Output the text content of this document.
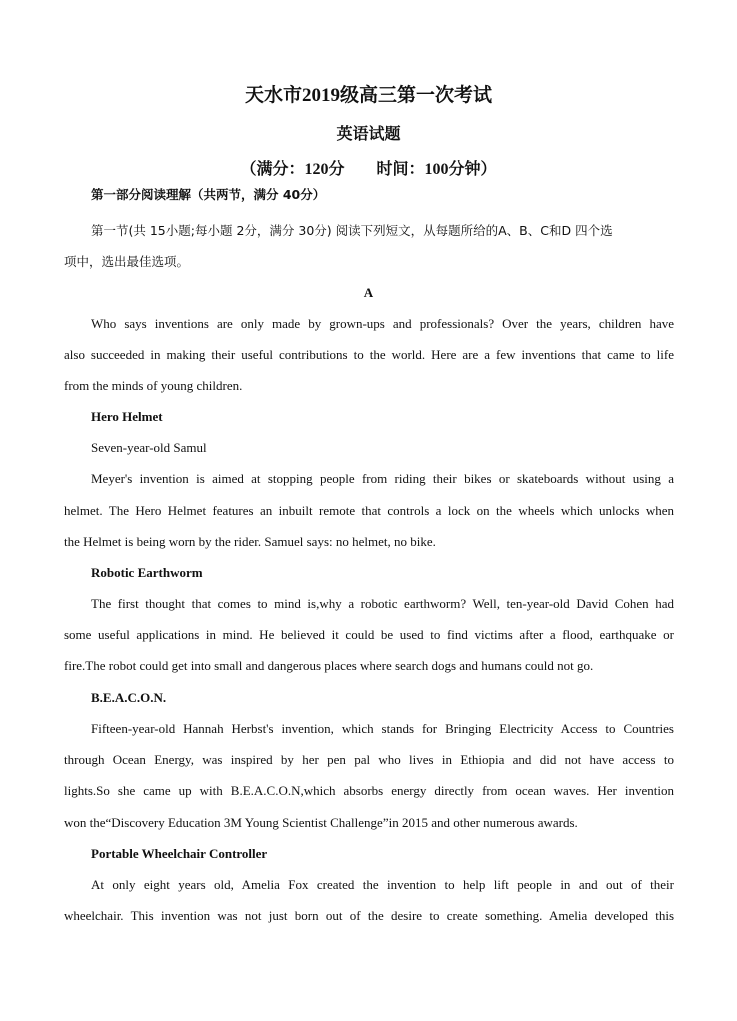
天水市2019级高三第一次考试
英语试题
（满分：120分　　时间：100分钟）
第一部分阅读理解（共两节，满分 40分）
第一节(共 15小题;每小题 2分，满分 30分) 阅读下列短文，从每题所给的A、B、C和D 四个选
项中，选出最佳选项。
A
Who says inventions are only made by grown-ups and professionals? Over the years, children have
also succeeded in making their useful contributions to the world. Here are a few inventions that came to life
from the minds of young children.
Hero Helmet
Seven-year-old Samul
Meyer's invention is aimed at stopping people from riding their bikes or skateboards without using a
helmet. The Hero Helmet features an inbuilt remote that controls a lock on the wheels which unlocks when
the Helmet is being worn by the rider. Samuel says: no helmet, no bike.
Robotic Earthworm
The first thought that comes to mind is,why a robotic earthworm? Well, ten-year-old David Cohen had
some useful applications in mind. He believed it could be used to find victims after a flood, earthquake or
fire.The robot could get into small and dangerous places where search dogs and humans could not go.
B.E.A.C.O.N.
Fifteen-year-old Hannah Herbst's invention, which stands for Bringing Electricity Access to Countries
through Ocean Energy, was inspired by her pen pal who lives in Ethiopia and did not have access to
lights.So she came up with B.E.A.C.O.N,which absorbs energy directly from ocean waves. Her invention
won the“Discovery Education 3M Young Scientist Challenge”in 2015 and other numerous awards.
Portable Wheelchair Controller
At only eight years old, Amelia Fox created the invention to help lift people in and out of their
wheelchair. This invention was not just born out of the desire to create something. Amelia developed this
